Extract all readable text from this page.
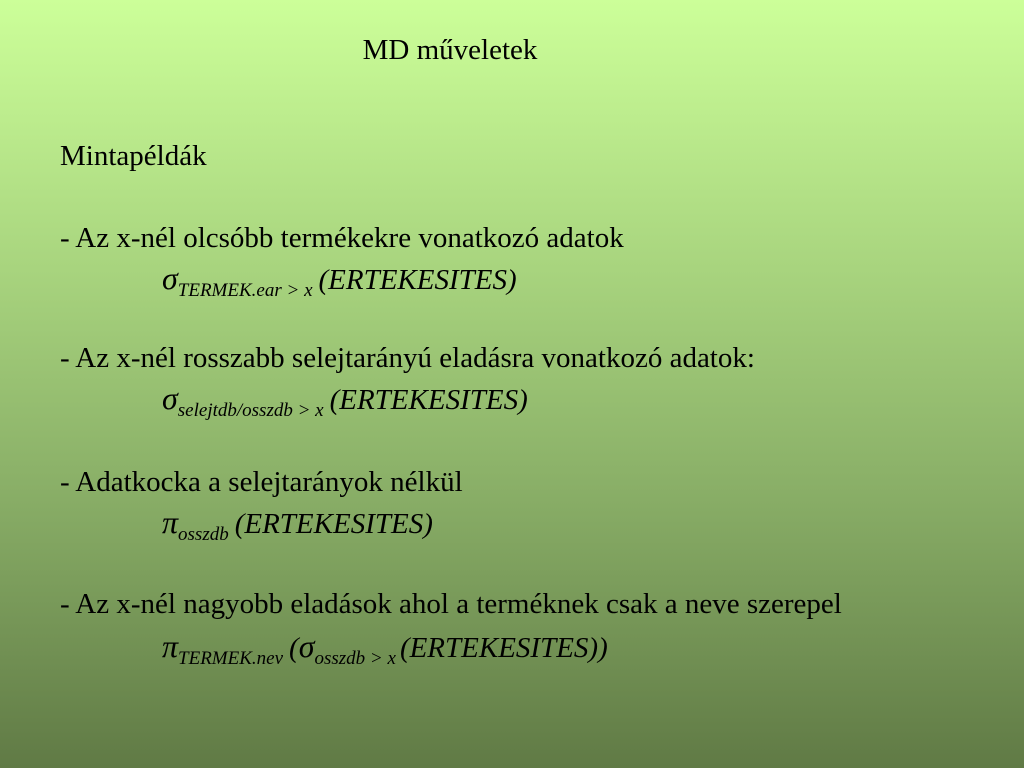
MD műveletek
Mintapéldák
- Az x-nél olcsóbb termékekre vonatkozó adatok
$\sigma_{TERMEK.ear > x}$ (ERTEKESITES)
- Az x-nél rosszabb selejtarányú eladásra vonatkozó adatok:
$\sigma_{selejtdb/osszdb > x}$ (ERTEKESITES)
- Adatkocka a selejtarányok nélkül
$\pi_{osszdb}$ (ERTEKESITES)
- Az x-nél nagyobb eladások ahol a terméknek csak a neve szerepel
$\pi_{TERMEK.nev}$ ($\sigma_{osszdb > x}$ (ERTEKESITES))
